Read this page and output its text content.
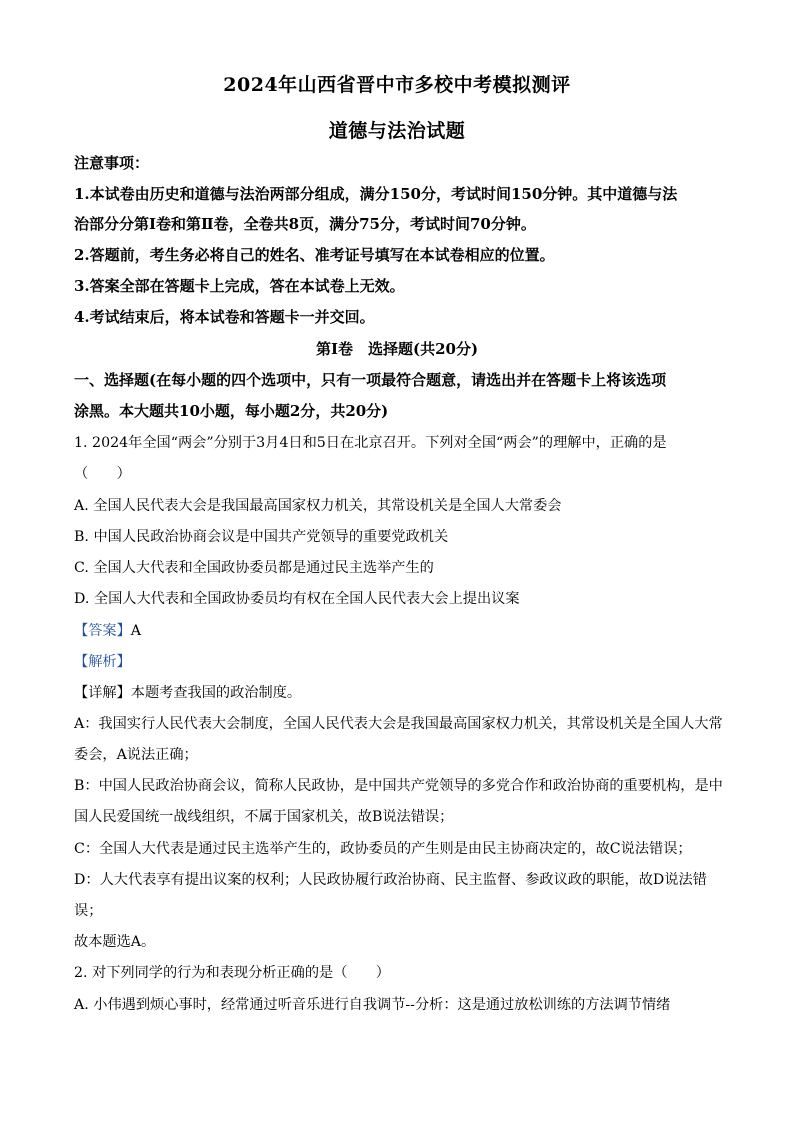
2024年山西省晋中市多校中考模拟测评
道德与法治试题
注意事项：
1.本试卷由历史和道德与法治两部分组成，满分150分，考试时间150分钟。其中道德与法
治部分分第Ⅰ卷和第Ⅱ卷，全卷共8页，满分75分，考试时间70分钟。
2.答题前，考生务必将自己的姓名、准考证号填写在本试卷相应的位置。
3.答案全部在答题卡上完成，答在本试卷上无效。
4.考试结束后，将本试卷和答题卡一并交回。
第Ⅰ卷　选择题(共20分)
一、选择题(在每小题的四个选项中，只有一项最符合题意，请选出并在答题卡上将该选项
涂黑。本大题共10小题，每小题2分，共20分)
1. 2024年全国“两会”分别于3月4日和5日在北京召开。下列对全国“两会”的理解中，正确的是
（　　）
A. 全国人民代表大会是我国最高国家权力机关，其常设机关是全国人大常委会
B. 中国人民政治协商会议是中国共产党领导的重要党政机关
C. 全国人大代表和全国政协委员都是通过民主选举产生的
D. 全国人大代表和全国政协委员均有权在全国人民代表大会上提出议案
【答案】A
【解析】
【详解】本题考查我国的政治制度。
A：我国实行人民代表大会制度，全国人民代表大会是我国最高国家权力机关，其常设机关是全国人大常
委会，A说法正确；
B：中国人民政治协商会议，简称人民政协，是中国共产党领导的多党合作和政治协商的重要机构，是中
国人民爱国统一战线组织，不属于国家机关，故B说法错误；
C：全国人大代表是通过民主选举产生的，政协委员的产生则是由民主协商决定的，故C说法错误；
D：人大代表享有提出议案的权利；人民政协履行政治协商、民主监督、参政议政的职能，故D说法错
误；
故本题选A。
2. 对下列同学的行为和表现分析正确的是（　　）
A. 小伟遇到烦心事时，经常通过听音乐进行自我调节--分析：这是通过放松训练的方法调节情绪
